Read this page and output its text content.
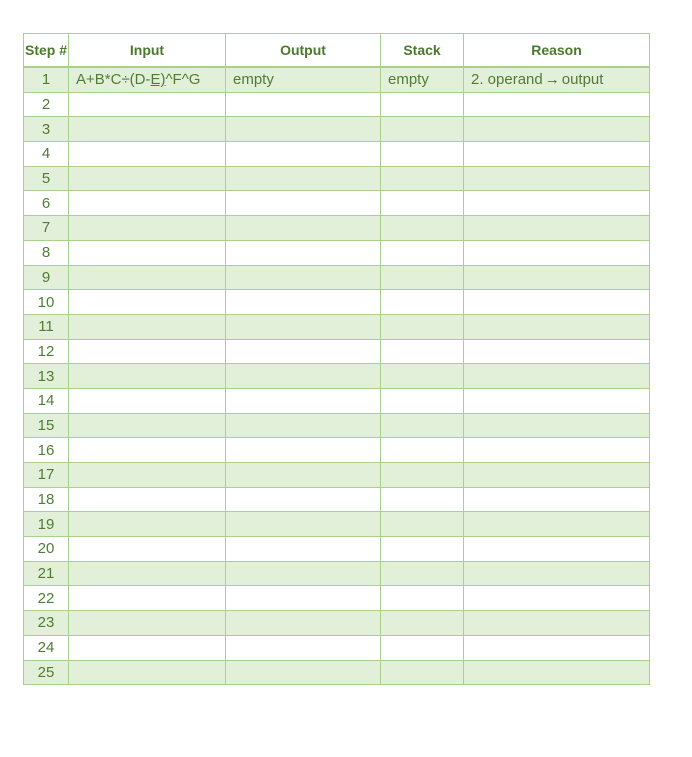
Step #	Input	Output	Stack	Reason
1	A+B*C÷(D-E)^F^G	empty	empty	2. operand → output
2				
3				
4				
5				
6				
7				
8				
9				
10				
11				
12				
13				
14				
15				
16				
17				
18				
19				
20				
21				
22				
23				
24				
25				
